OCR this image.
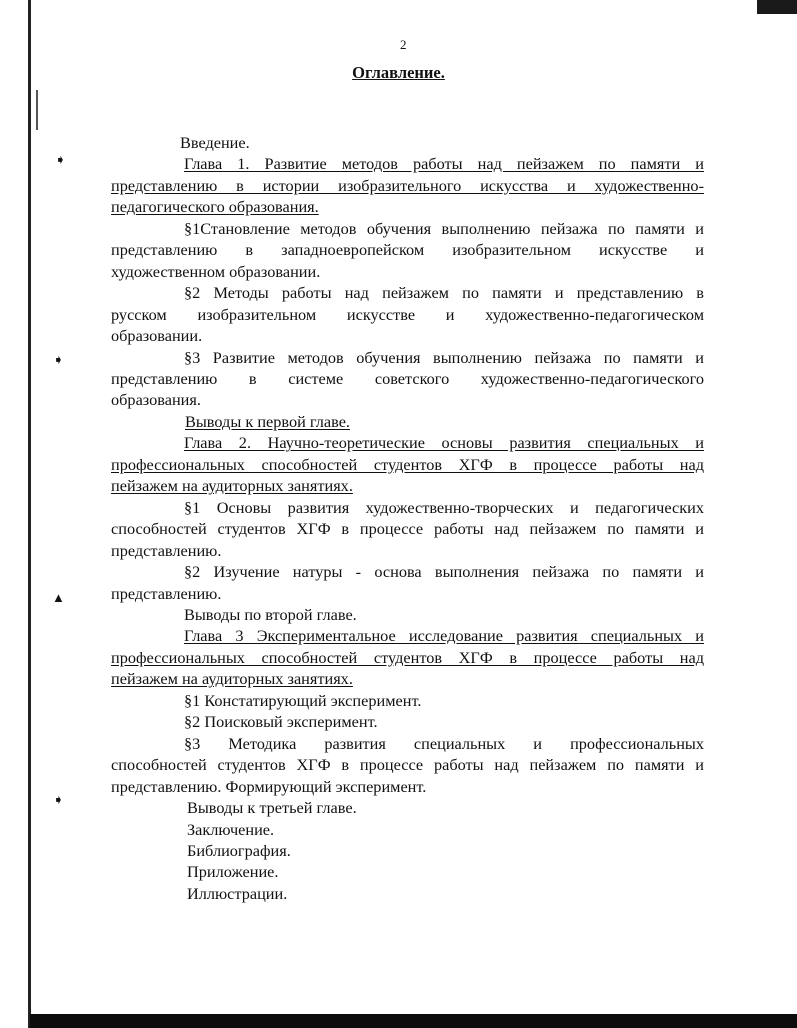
➧
➧
▲
➧
2
Оглавление.
Введение.
Глава 1. Развитие методов работы над пейзажем по памяти и
представлению в истории изобразительного искусства и художественно-
педагогического образования.
§1Становление методов обучения выполнению пейзажа по памяти и
представлению в западноевропейском изобразительном искусстве и
художественном образовании.
§2 Методы работы над пейзажем по памяти и представлению в
русском изобразительном искусстве и художественно-педагогическом
образовании.
§3 Развитие методов обучения выполнению пейзажа по памяти и
представлению в системе советского художественно-педагогического
образования.
Выводы к первой главе.
Глава 2. Научно-теоретические основы развития специальных и
профессиональных способностей студентов ХГФ в процессе работы над
пейзажем на аудиторных занятиях.
§1 Основы развития художественно-творческих и педагогических
способностей студентов ХГФ в процессе работы над пейзажем по памяти и
представлению.
§2 Изучение натуры - основа выполнения пейзажа по памяти и
представлению.
Выводы по второй главе.
Глава 3 Экспериментальное исследование развития специальных и
профессиональных способностей студентов ХГФ в процессе работы над
пейзажем на аудиторных занятиях.
§1 Констатирующий эксперимент.
§2 Поисковый эксперимент.
§3 Методика развития специальных и профессиональных
способностей студентов ХГФ в процессе работы над пейзажем по памяти и
представлению. Формирующий эксперимент.
Выводы к третьей главе.
Заключение.
Библиография.
Приложение.
Иллюстрации.
